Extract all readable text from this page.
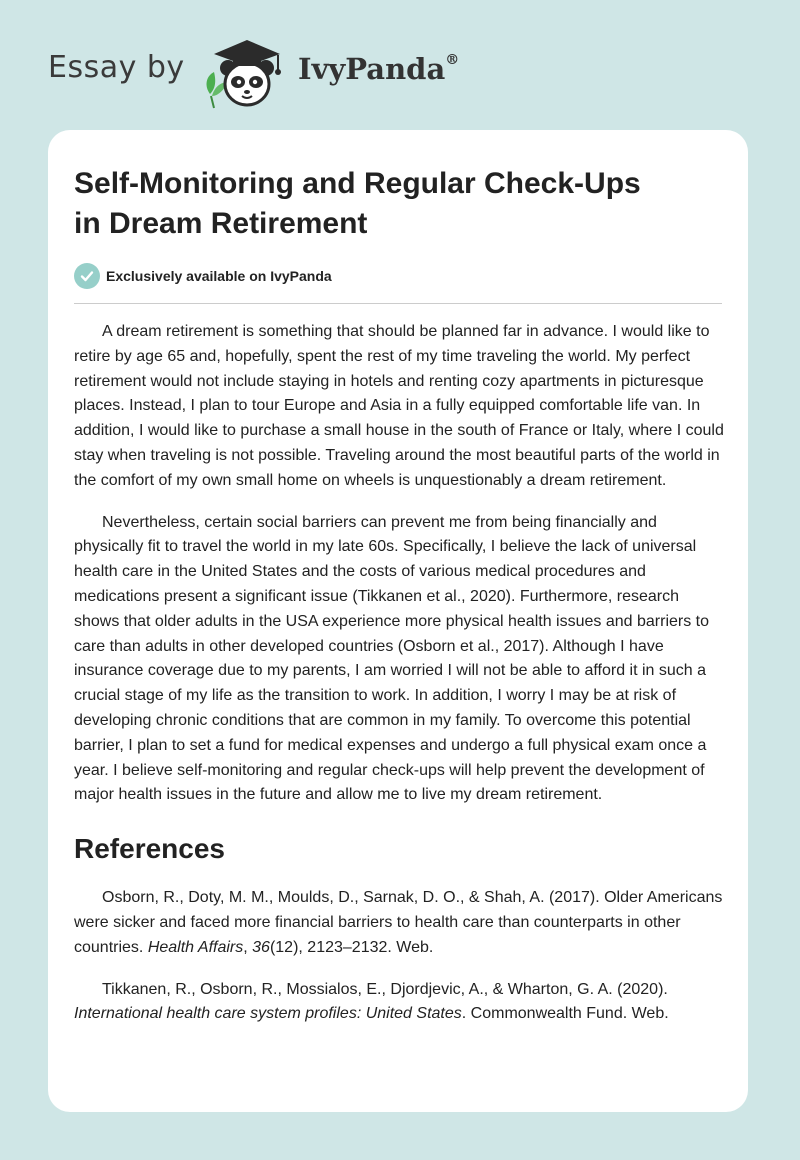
Essay by	IvyPanda®
Self-Monitoring and Regular Check-Ups
in Dream Retirement
Exclusively available on IvyPanda

A dream retirement is something that should be planned far in advance. I would like to retire by age 65 and, hopefully, spent the rest of my time traveling the world. My perfect retirement would not include staying in hotels and renting cozy apartments in picturesque places. Instead, I plan to tour Europe and Asia in a fully equipped comfortable life van. In addition, I would like to purchase a small house in the south of France or Italy, where I could stay when traveling is not possible. Traveling around the most beautiful parts of the world in the comfort of my own small home on wheels is unquestionably a dream retirement.

Nevertheless, certain social barriers can prevent me from being financially and physically fit to travel the world in my late 60s. Specifically, I believe the lack of universal health care in the United States and the costs of various medical procedures and medications present a significant issue (Tikkanen et al., 2020). Furthermore, research shows that older adults in the USA experience more physical health issues and barriers to care than adults in other developed countries (Osborn et al., 2017). Although I have insurance coverage due to my parents, I am worried I will not be able to afford it in such a crucial stage of my life as the transition to work. In addition, I worry I may be at risk of developing chronic conditions that are common in my family. To overcome this potential barrier, I plan to set a fund for medical expenses and undergo a full physical exam once a year. I believe self-monitoring and regular check-ups will help prevent the development of major health issues in the future and allow me to live my dream retirement.

References

Osborn, R., Doty, M. M., Moulds, D., Sarnak, D. O., & Shah, A. (2017). Older Americans were sicker and faced more financial barriers to health care than counterparts in other countries. Health Affairs, 36(12), 2123–2132. Web.

Tikkanen, R., Osborn, R., Mossialos, E., Djordjevic, A., & Wharton, G. A. (2020). International health care system profiles: United States. Commonwealth Fund. Web.
